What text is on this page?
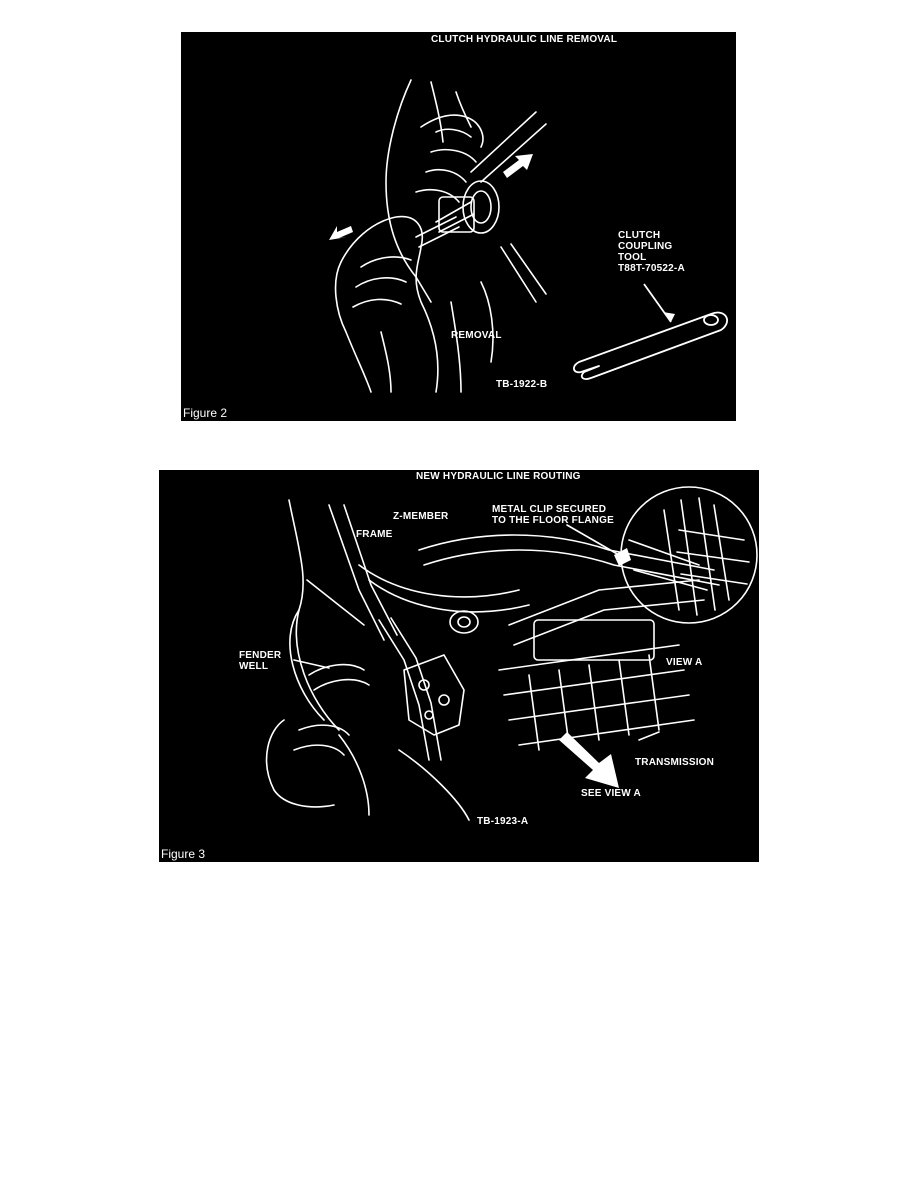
CLUTCH HYDRAULIC LINE REMOVAL
CLUTCH
COUPLING
TOOL
T88T-70522-A
REMOVAL
TB-1922-B
Figure 2
NEW HYDRAULIC LINE ROUTING
Z-MEMBER
FRAME
METAL CLIP SECURED
TO THE FLOOR FLANGE
FENDER
WELL	VIEW A
TRANSMISSION
SEE VIEW A
TB-1923-A
Figure 3
